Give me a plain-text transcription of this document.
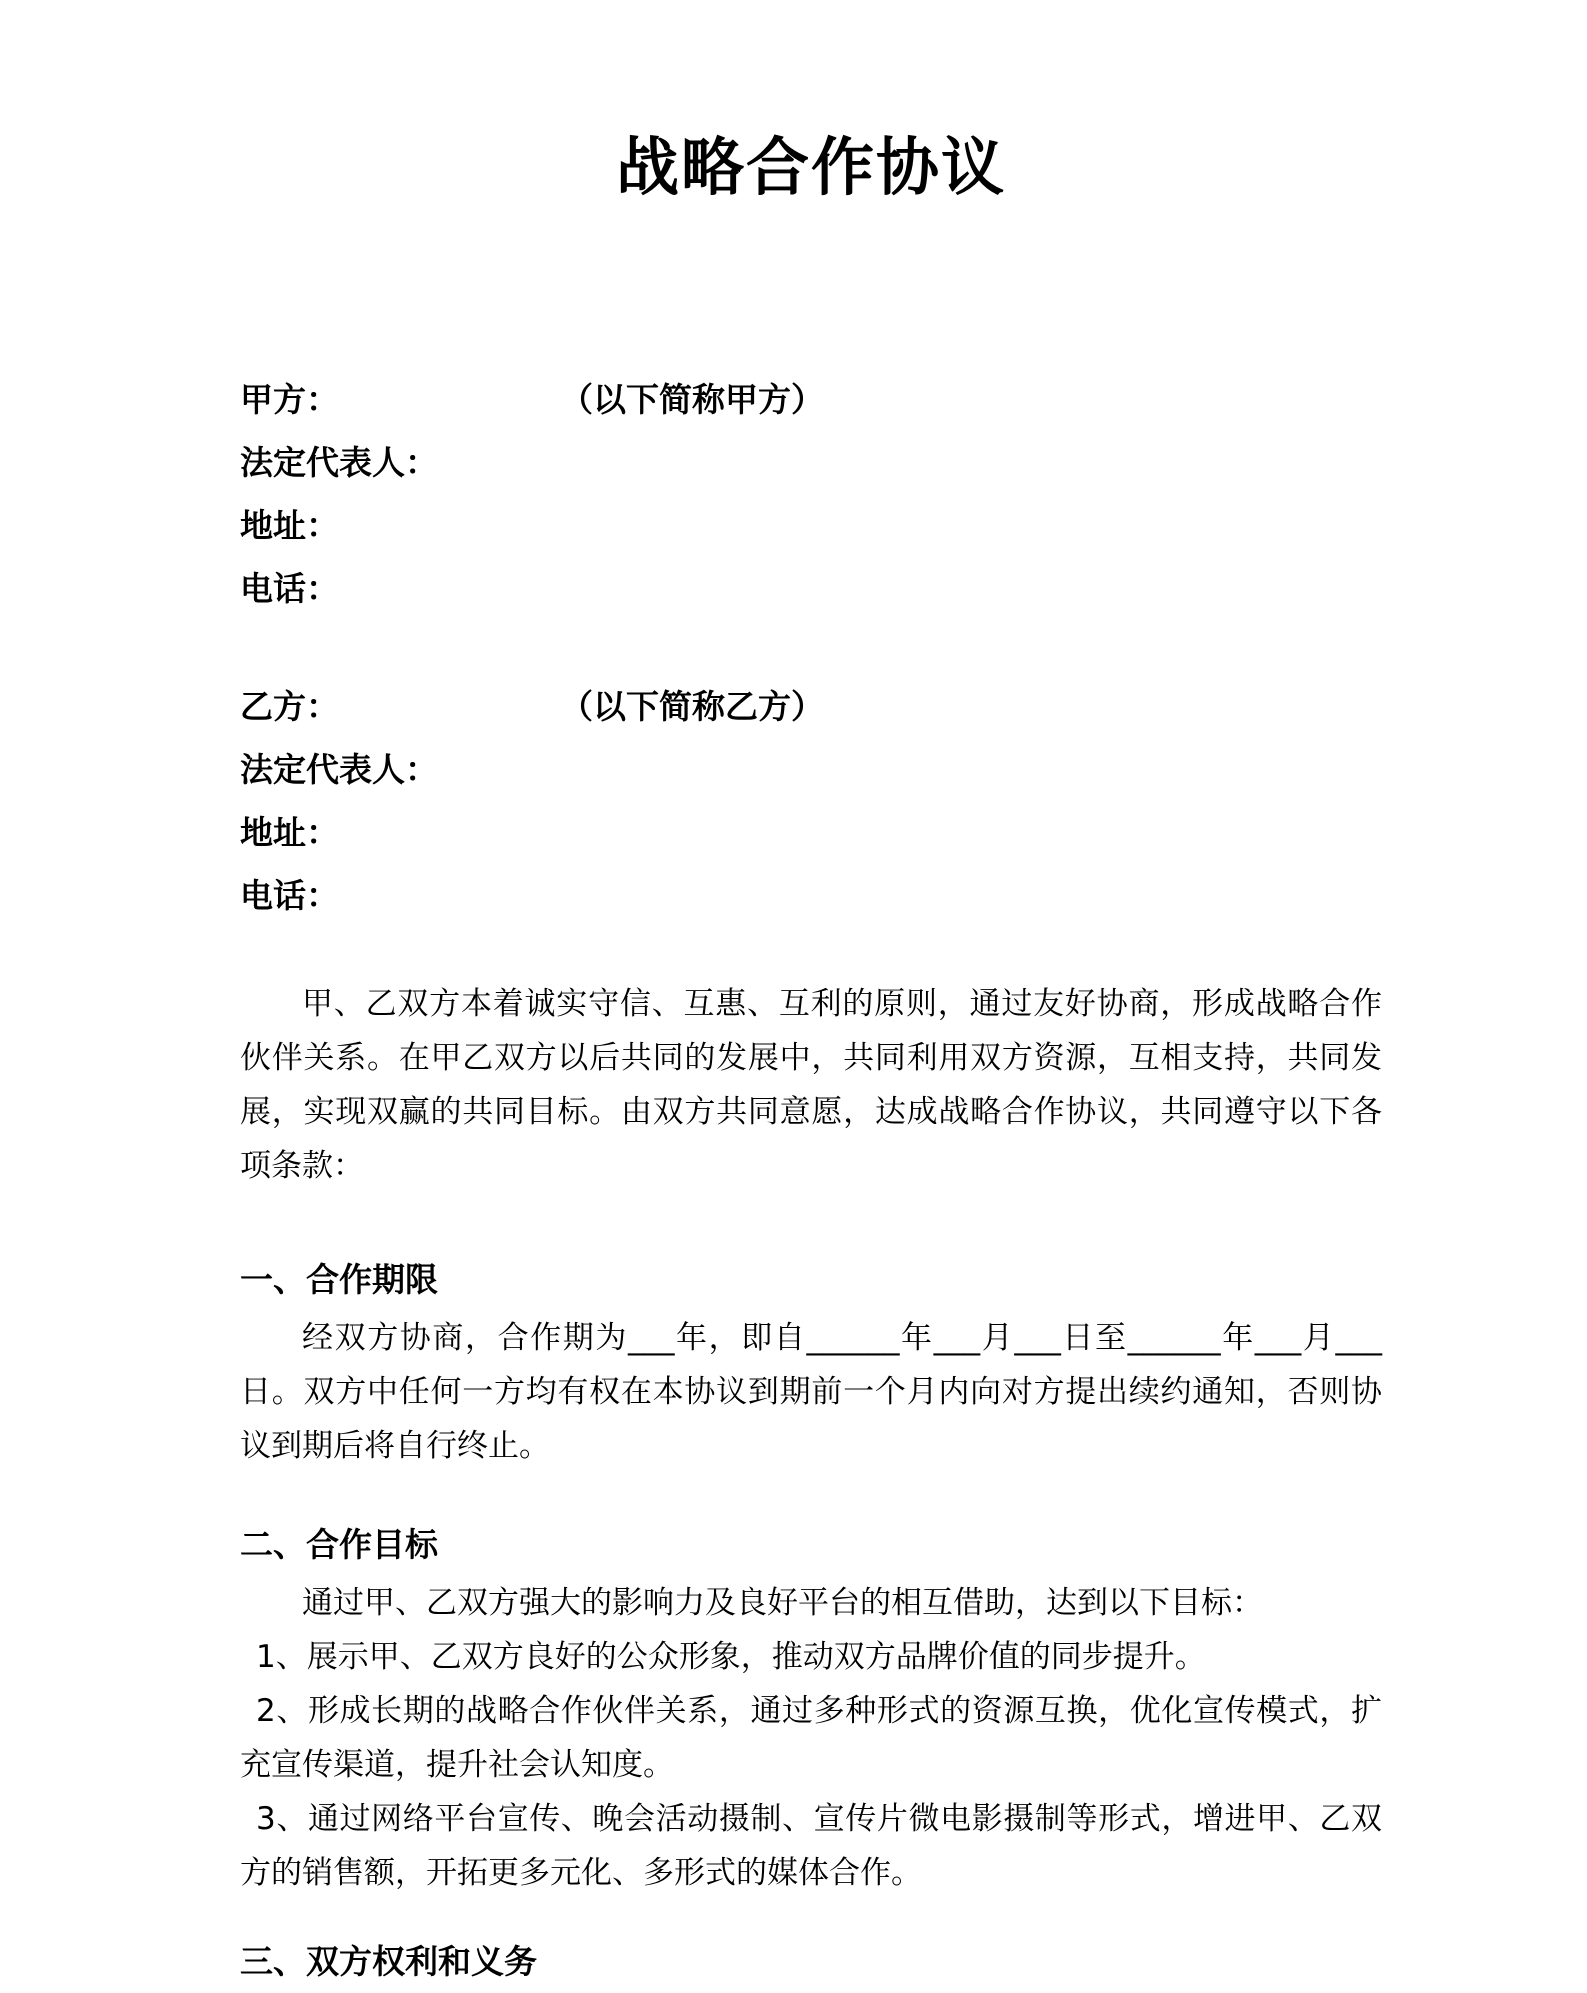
战略合作协议

甲方：	（以下简称甲方）

法定代表人：

地址：

电话：

乙方：	（以下简称乙方）

法定代表人：

地址：

电话：

甲、乙双方本着诚实守信、互惠、互利的原则，通过友好协商，形成战略合作伙伴关系。在甲乙双方以后共同的发展中，共同利用双方资源，互相支持，共同发展，实现双赢的共同目标。由双方共同意愿，达成战略合作协议，共同遵守以下各项条款：

一、合作期限

经双方协商，合作期为___年，即自______年___月___日至______年___月___日。双方中任何一方均有权在本协议到期前一个月内向对方提出续约通知，否则协议到期后将自行终止。

二、合作目标

通过甲、乙双方强大的影响力及良好平台的相互借助，达到以下目标：

1、展示甲、乙双方良好的公众形象，推动双方品牌价值的同步提升。

2、形成长期的战略合作伙伴关系，通过多种形式的资源互换，优化宣传模式，扩充宣传渠道，提升社会认知度。

3、通过网络平台宣传、晚会活动摄制、宣传片微电影摄制等形式，增进甲、乙双方的销售额，开拓更多元化、多形式的媒体合作。

三、双方权利和义务
